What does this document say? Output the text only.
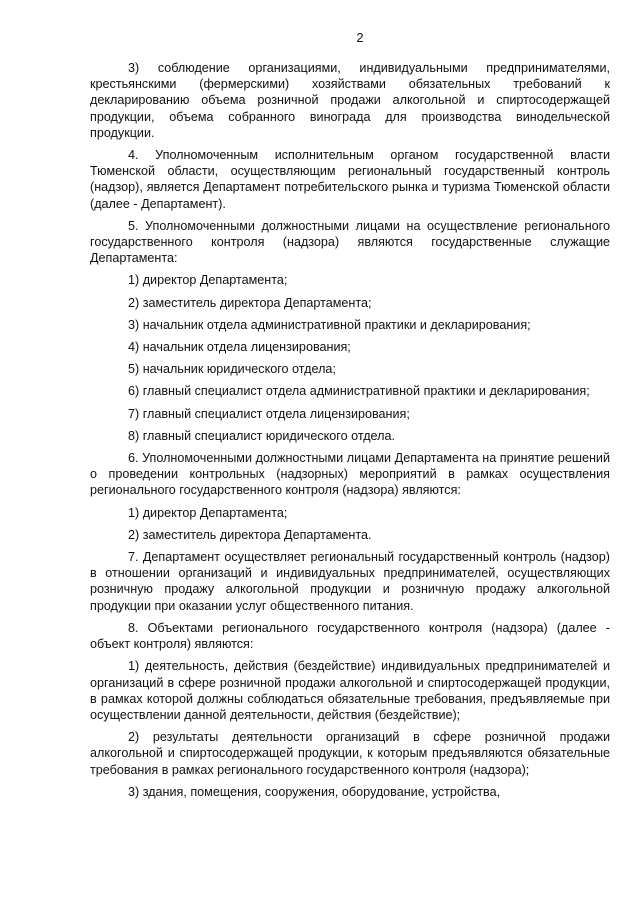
2

3) соблюдение организациями, индивидуальными предпринимателями, крестьянскими (фермерскими) хозяйствами обязательных требований к декларированию объема розничной продажи алкогольной и спиртосодержащей продукции, объема собранного винограда для производства винодельческой продукции.

4. Уполномоченным исполнительным органом государственной власти Тюменской области, осуществляющим региональный государственный контроль (надзор), является Департамент потребительского рынка и туризма Тюменской области (далее - Департамент).

5. Уполномоченными должностными лицами на осуществление регионального государственного контроля (надзора) являются государственные служащие Департамента:

1) директор Департамента;

2) заместитель директора Департамента;

3) начальник отдела административной практики и декларирования;

4) начальник отдела лицензирования;

5) начальник юридического отдела;

6) главный специалист отдела административной практики и декларирования;

7) главный специалист отдела лицензирования;

8) главный специалист юридического отдела.

6. Уполномоченными должностными лицами Департамента на принятие решений о проведении контрольных (надзорных) мероприятий в рамках осуществления регионального государственного контроля (надзора) являются:

1) директор Департамента;

2) заместитель директора Департамента.

7. Департамент осуществляет региональный государственный контроль (надзор) в отношении организаций и индивидуальных предпринимателей, осуществляющих розничную продажу алкогольной продукции и розничную продажу алкогольной продукции при оказании услуг общественного питания.

8. Объектами регионального государственного контроля (надзора) (далее - объект контроля) являются:

1) деятельность, действия (бездействие) индивидуальных предпринимателей и организаций в сфере розничной продажи алкогольной и спиртосодержащей продукции, в рамках которой должны соблюдаться обязательные требования, предъявляемые при осуществлении данной деятельности, действия (бездействие);

2) результаты деятельности организаций в сфере розничной продажи алкогольной и спиртосодержащей продукции, к которым предъявляются обязательные требования в рамках регионального государственного контроля (надзора);

3) здания, помещения, сооружения, оборудование, устройства,
